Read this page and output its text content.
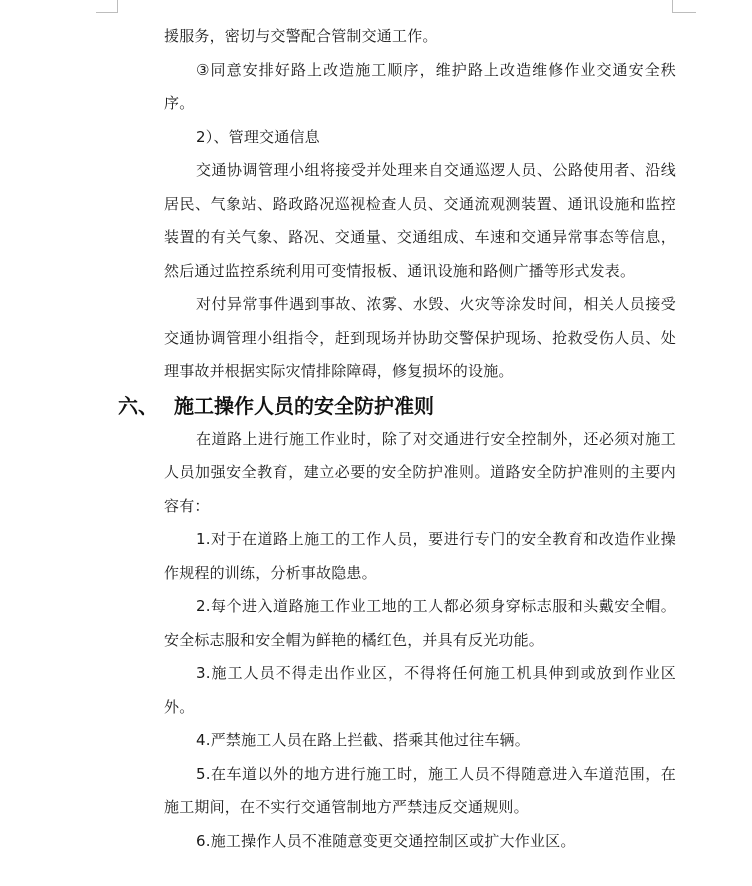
援服务，密切与交警配合管制交通工作。

③同意安排好路上改造施工顺序，维护路上改造维修作业交通安全秩序。

2）、管理交通信息

交通协调管理小组将接受并处理来自交通巡逻人员、公路使用者、沿线居民、气象站、路政路况巡视检查人员、交通流观测装置、通讯设施和监控装置的有关气象、路况、交通量、交通组成、车速和交通异常事态等信息，然后通过监控系统利用可变情报板、通讯设施和路侧广播等形式发表。

对付异常事件遇到事故、浓雾、水毁、火灾等涂发时间，相关人员接受交通协调管理小组指令，赶到现场并协助交警保护现场、抢救受伤人员、处理事故并根据实际灾情排除障碍，修复损坏的设施。

六、 施工操作人员的安全防护准则

在道路上进行施工作业时，除了对交通进行安全控制外，还必须对施工人员加强安全教育，建立必要的安全防护准则。道路安全防护准则的主要内容有：

1.对于在道路上施工的工作人员，要进行专门的安全教育和改造作业操作规程的训练，分析事故隐患。

2.每个进入道路施工作业工地的工人都必须身穿标志服和头戴安全帽。安全标志服和安全帽为鲜艳的橘红色，并具有反光功能。

3.施工人员不得走出作业区，不得将任何施工机具伸到或放到作业区外。

4.严禁施工人员在路上拦截、搭乘其他过往车辆。

5.在车道以外的地方进行施工时，施工人员不得随意进入车道范围，在施工期间，在不实行交通管制地方严禁违反交通规则。

6.施工操作人员不准随意变更交通控制区或扩大作业区。
